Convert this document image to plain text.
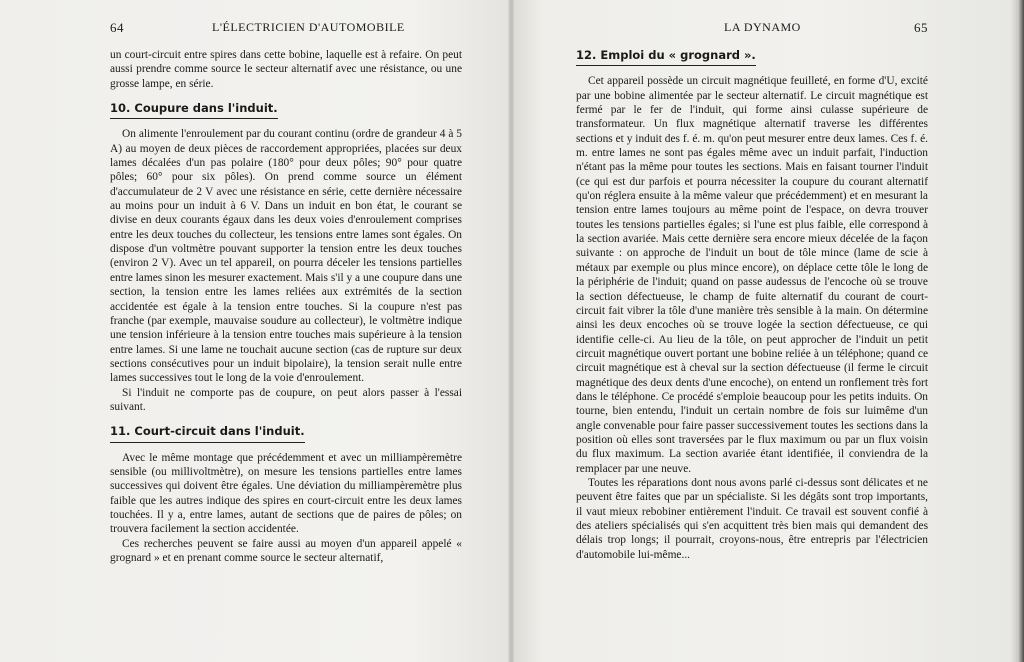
64	L'ÉLECTRICIEN D'AUTOMOBILE

un court-circuit entre spires dans cette bobine, laquelle est à refaire. On peut aussi prendre comme source le secteur alternatif avec une résistance, ou une grosse lampe, en série.

10. Coupure dans l'induit.

On alimente l'enroulement par du courant continu (ordre de grandeur 4 à 5 A) au moyen de deux pièces de raccordement appropriées, placées sur deux lames décalées d'un pas polaire (180° pour deux pôles; 90° pour quatre pôles; 60° pour six pôles). On prend comme source un élément d'accumulateur de 2 V avec une résistance en série, cette dernière nécessaire au moins pour un induit à 6 V. Dans un induit en bon état, le courant se divise en deux courants égaux dans les deux voies d'enroulement comprises entre les deux touches du collecteur, les tensions entre lames sont égales. On dispose d'un voltmètre pouvant supporter la tension entre les deux touches (environ 2 V). Avec un tel appareil, on pourra déceler les tensions partielles entre lames sinon les mesurer exactement. Mais s'il y a une coupure dans une section, la tension entre les lames reliées aux extrémités de la section accidentée est égale à la tension entre touches. Si la coupure n'est pas franche (par exemple, mauvaise soudure au collecteur), le voltmètre indique une tension inférieure à la tension entre touches mais supérieure à la tension entre lames. Si une lame ne touchait aucune section (cas de rupture sur deux sections consécutives pour un induit bipolaire), la tension serait nulle entre lames successives tout le long de la voie d'enroulement.

Si l'induit ne comporte pas de coupure, on peut alors passer à l'essai suivant.

11. Court-circuit dans l'induit.

Avec le même montage que précédemment et avec un milliampèremètre sensible (ou millivoltmètre), on mesure les tensions partielles entre lames successives qui doivent être égales. Une déviation du milliampèremètre plus faible que les autres indique des spires en court-circuit entre les deux lames touchées. Il y a, entre lames, autant de sections que de paires de pôles; on trouvera facilement la section accidentée.

Ces recherches peuvent se faire aussi au moyen d'un appareil appelé « grognard » et en prenant comme source le secteur alternatif,

LA DYNAMO	65
12. Emploi du « grognard ».

Cet appareil possède un circuit magnétique feuilleté, en forme d'U, excité par une bobine alimentée par le secteur alternatif. Le circuit magnétique est fermé par le fer de l'induit, qui forme ainsi culasse supérieure de transformateur. Un flux magnétique alternatif traverse les différentes sections et y induit des f. é. m. qu'on peut mesurer entre deux lames. Ces f. é. m. entre lames ne sont pas égales même avec un induit parfait, l'induction n'étant pas la même pour toutes les sections. Mais en faisant tourner l'induit (ce qui est dur parfois et pourra nécessiter la coupure du courant alternatif qu'on réglera ensuite à la même valeur que précédemment) et en mesurant la tension entre lames toujours au même point de l'espace, on devra trouver toutes les tensions partielles égales; si l'une est plus faible, elle correspond à la section avariée. Mais cette dernière sera encore mieux décelée de la façon suivante : on approche de l'induit un bout de tôle mince (lame de scie à métaux par exemple ou plus mince encore), on déplace cette tôle le long de la périphérie de l'induit; quand on passe audessus de l'encoche où se trouve la section défectueuse, le champ de fuite alternatif du courant de court-circuit fait vibrer la tôle d'une manière très sensible à la main. On détermine ainsi les deux encoches où se trouve logée la section défectueuse, ce qui identifie celle-ci. Au lieu de la tôle, on peut approcher de l'induit un petit circuit magnétique ouvert portant une bobine reliée à un téléphone; quand ce circuit magnétique est à cheval sur la section défectueuse (il ferme le circuit magnétique des deux dents d'une encoche), on entend un ronflement très fort dans le téléphone. Ce procédé s'emploie beaucoup pour les petits induits. On tourne, bien entendu, l'induit un certain nombre de fois sur luimême d'un angle convenable pour faire passer successivement toutes les sections dans la position où elles sont traversées par le flux maximum ou par un flux voisin du flux maximum. La section avariée étant identifiée, il conviendra de la remplacer par une neuve.

Toutes les réparations dont nous avons parlé ci-dessus sont délicates et ne peuvent être faites que par un spécialiste. Si les dégâts sont trop importants, il vaut mieux rebobiner entièrement l'induit. Ce travail est souvent confié à des ateliers spécialisés qui s'en acquittent très bien mais qui demandent des délais trop longs; il pourrait, croyons-nous, être entrepris par l'électricien d'automobile lui-même...
